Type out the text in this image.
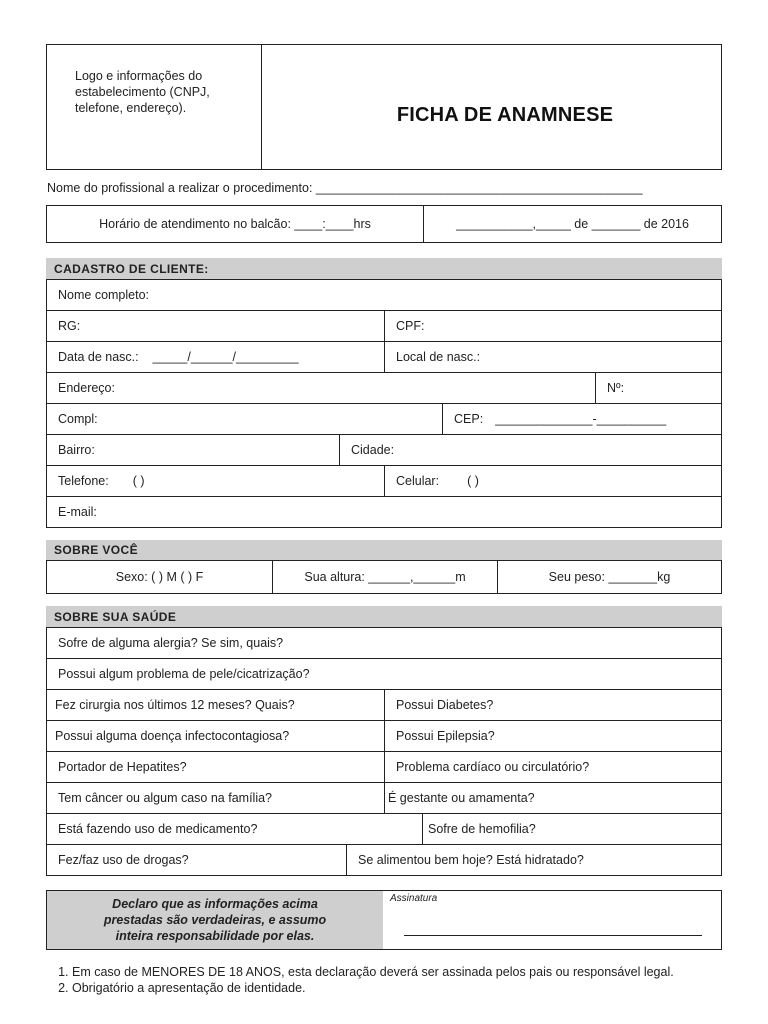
Logo e informações do estabelecimento (CNPJ, telefone, endereço).	FICHA DE ANAMNESE
Nome do profissional a realizar o procedimento: _______________________________________________
Horário de atendimento no balcão: ____:____hrs	___________,_____ de _______ de 2016
CADASTRO DE CLIENTE:
Nome completo:
RG:	CPF:
Data de nasc.: _____/______/_________	Local de nasc.:
Endereço:	Nº:
Compl:	CEP: ______________-__________
Bairro:	Cidade:
Telefone: ( )	Celular: ( )
E-mail:
SOBRE VOCÊ
Sexo: ( ) M ( ) F	Sua altura: ______,______m	Seu peso: _______kg
SOBRE SUA SAÚDE
Sofre de alguma alergia? Se sim, quais?
Possui algum problema de pele/cicatrização?
Fez cirurgia nos últimos 12 meses? Quais?	Possui Diabetes?
Possui alguma doença infectocontagiosa?	Possui Epilepsia?
Portador de Hepatites?	Problema cardíaco ou circulatório?
Tem câncer ou algum caso na família?	É gestante ou amamenta?
Está fazendo uso de medicamento?	Sofre de hemofilia?
Fez/faz uso de drogas?	Se alimentou bem hoje? Está hidratado?
Declaro que as informações acima prestadas são verdadeiras, e assumo inteira responsabilidade por elas.
Assinatura
1. Em caso de MENORES DE 18 ANOS, esta declaração deverá ser assinada pelos pais ou responsável legal.
2. Obrigatório a apresentação de identidade.
